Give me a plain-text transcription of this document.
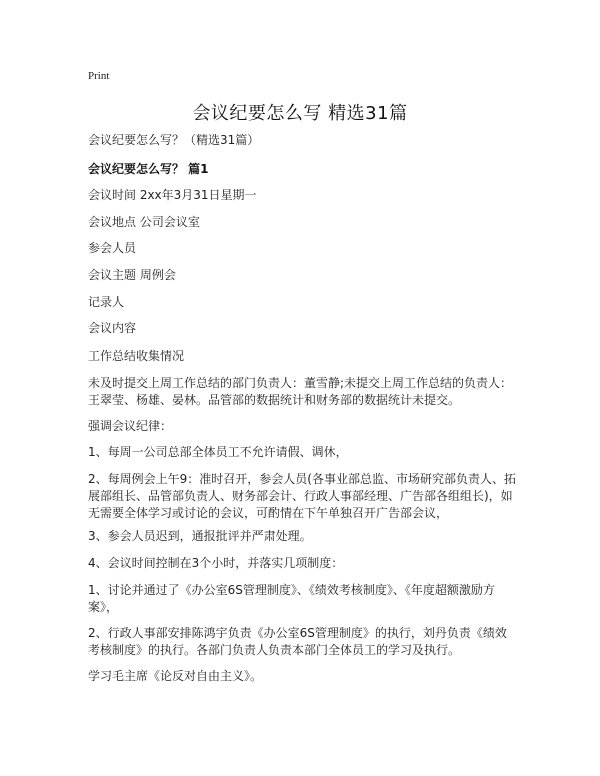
Print
会议纪要怎么写 精选31篇
会议纪要怎么写？（精选31篇）
会议纪要怎么写？ 篇1
会议时间 2xx年3月31日星期一
会议地点 公司会议室
参会人员
会议主题 周例会
记录人
会议内容
工作总结收集情况
未及时提交上周工作总结的部门负责人：董雪静;未提交上周工作总结的负责人：王翠莹、杨雄、晏林。品管部的数据统计和财务部的数据统计未提交。
强调会议纪律：
1、每周一公司总部全体员工不允许请假、调休，
2、每周例会上午9：准时召开，参会人员(各事业部总监、市场研究部负责人、拓展部组长、品管部负责人、财务部会计、行政人事部经理、广告部各组组长)，如无需要全体学习或讨论的会议，可酌情在下午单独召开广告部会议，
3、参会人员迟到，通报批评并严肃处理。
4、会议时间控制在3个小时，并落实几项制度：
1、讨论并通过了《办公室6S管理制度》、《绩效考核制度》、《年度超额激励方案》，
2、行政人事部安排陈鸿宇负责《办公室6S管理制度》的执行，刘丹负责《绩效考核制度》的执行。各部门负责人负责本部门全体员工的学习及执行。
学习毛主席《论反对自由主义》。
